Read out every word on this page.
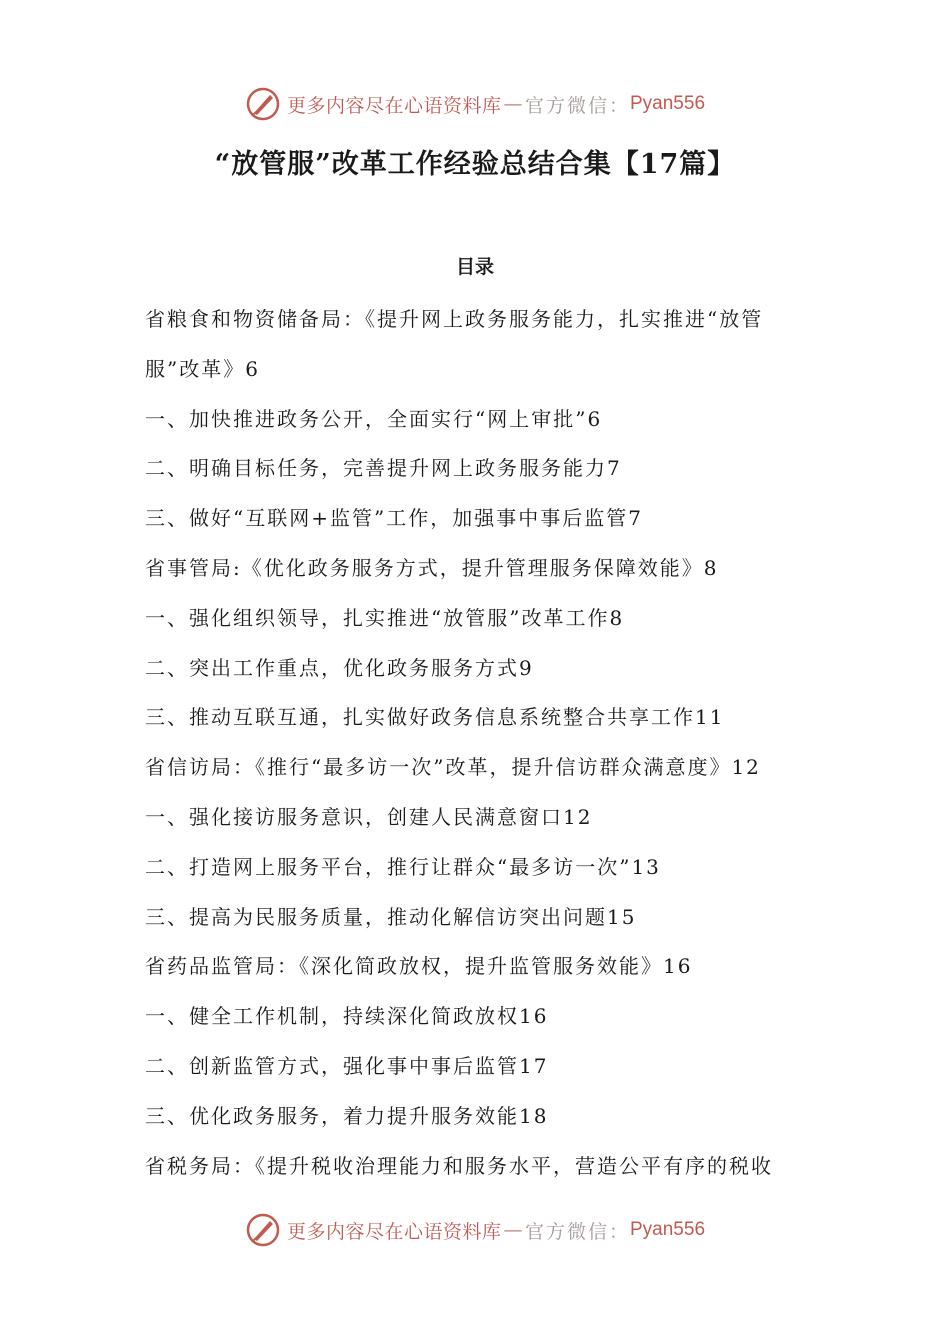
更多内容尽在心语资料库 — 官方微信： Pyan556
“放管服”改革工作经验总结合集【17篇】
目录
省粮食和物资储备局：《提升网上政务服务能力，扎实推进“放管
服”改革》6
一、加快推进政务公开，全面实行“网上审批”6
二、明确目标任务，完善提升网上政务服务能力7
三、做好“互联网+监管”工作，加强事中事后监管7
省事管局:《优化政务服务方式，提升管理服务保障效能》8
一、强化组织领导，扎实推进“放管服”改革工作8
二、突出工作重点，优化政务服务方式9
三、推动互联互通，扎实做好政务信息系统整合共享工作11
省信访局：《推行“最多访一次”改革，提升信访群众满意度》12
一、强化接访服务意识，创建人民满意窗口12
二、打造网上服务平台，推行让群众“最多访一次”13
三、提高为民服务质量，推动化解信访突出问题15
省药品监管局：《深化简政放权，提升监管服务效能》16
一、健全工作机制，持续深化简政放权16
二、创新监管方式，强化事中事后监管17
三、优化政务服务，着力提升服务效能18
省税务局：《提升税收治理能力和服务水平，营造公平有序的税收
更多内容尽在心语资料库 — 官方微信： Pyan556
